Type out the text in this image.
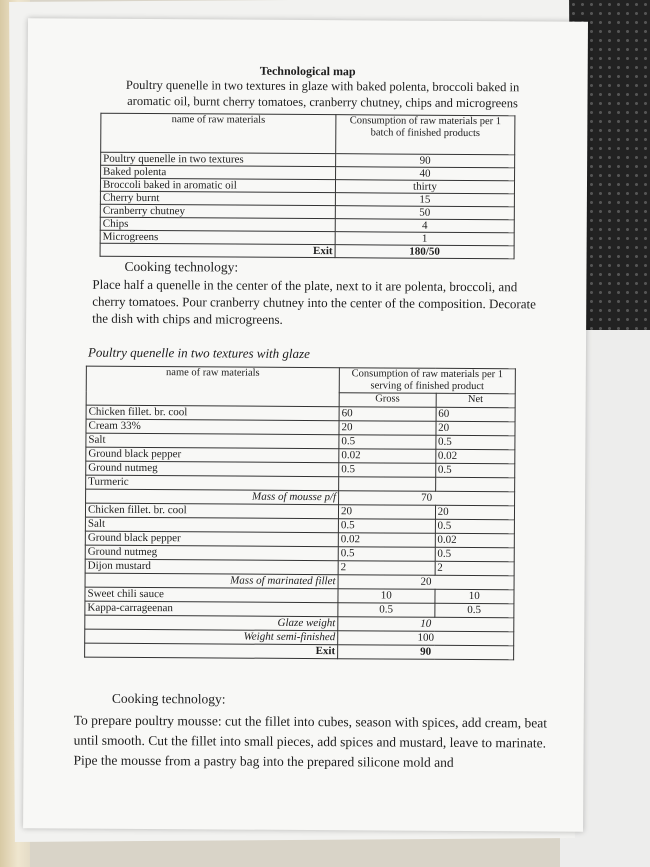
Technological map
Poultry quenelle in two textures in glaze with baked polenta, broccoli baked in aromatic oil, burnt cherry tomatoes, cranberry chutney, chips and microgreens
name of raw materials	Consumption of raw materials per 1 batch of finished products
Poultry quenelle in two textures	90
Baked polenta	40
Broccoli baked in aromatic oil	thirty
Cherry burnt	15
Cranberry chutney	50
Chips	4
Microgreens	1
Exit	180/50
Cooking technology:
Place half a quenelle in the center of the plate, next to it are polenta, broccoli, and cherry tomatoes. Pour cranberry chutney into the center of the composition. Decorate the dish with chips and microgreens.
Poultry quenelle in two textures with glaze
name of raw materials	Consumption of raw materials per 1 serving of finished product	
	Gross	Net
Chicken fillet. br. cool	60	60
Cream 33%	20	20
Salt	0.5	0.5
Ground black pepper	0.02	0.02
Ground nutmeg	0.5	0.5
Turmeric		
Mass of mousse p/f	70	
Chicken fillet. br. cool	20	20
Salt	0.5	0.5
Ground black pepper	0.02	0.02
Ground nutmeg	0.5	0.5
Dijon mustard	2	2
Mass of marinated fillet	20	
Sweet chili sauce	10	10
Kappa-carrageenan	0.5	0.5
Glaze weight	10	
Weight semi-finished	100	
Exit	90	
Cooking technology:
To prepare poultry mousse: cut the fillet into cubes, season with spices, add cream, beat until smooth. Cut the fillet into small pieces, add spices and mustard, leave to marinate. Pipe the mousse from a pastry bag into the prepared silicone mold and
